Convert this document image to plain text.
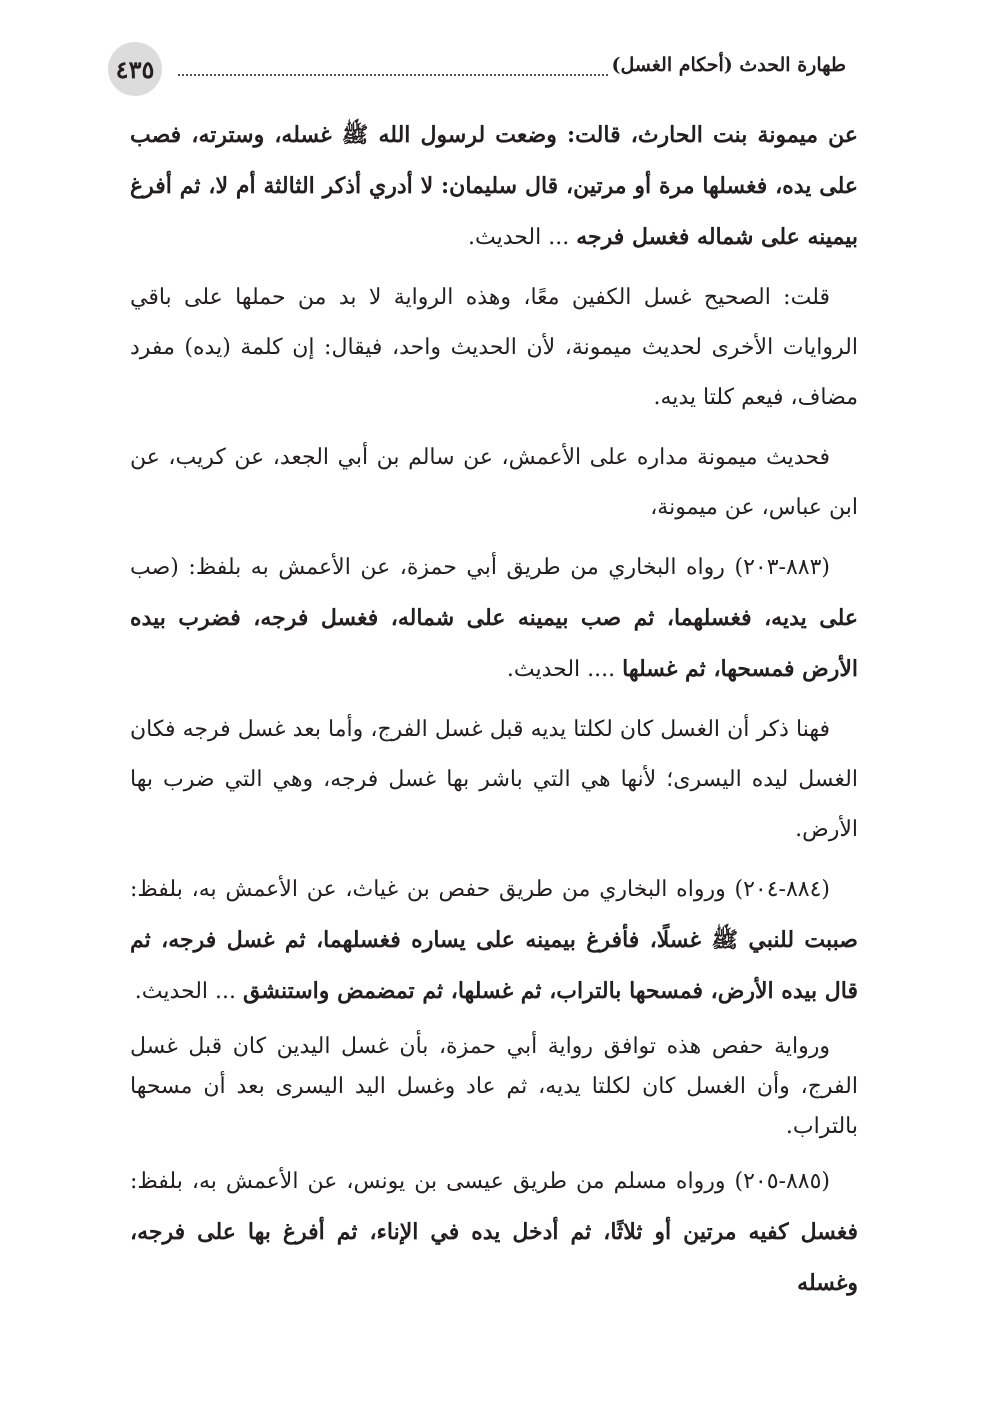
٤٣٥	طهارة الحدث (أحكام الغسل)

عن ميمونة بنت الحارث، قالت: وضعت لرسول الله ﷺ غسله، وسترته، فصب على يده، فغسلها مرة أو مرتين، قال سليمان: لا أدري أذكر الثالثة أم لا، ثم أفرغ بيمينه على شماله فغسل فرجه ... الحديث.

قلت: الصحيح غسل الكفين معًا، وهذه الرواية لا بد من حملها على باقي الروايات الأخرى لحديث ميمونة، لأن الحديث واحد، فيقال: إن كلمة (يده) مفرد مضاف، فيعم كلتا يديه.

فحديث ميمونة مداره على الأعمش، عن سالم بن أبي الجعد، عن كريب، عن ابن عباس، عن ميمونة،

(٨٨٣-٢٠٣) رواه البخاري من طريق أبي حمزة، عن الأعمش به بلفظ: (صب على يديه، فغسلهما، ثم صب بيمينه على شماله، فغسل فرجه، فضرب بيده الأرض فمسحها، ثم غسلها .... الحديث.

فهنا ذكر أن الغسل كان لكلتا يديه قبل غسل الفرج، وأما بعد غسل فرجه فكان الغسل ليده اليسرى؛ لأنها هي التي باشر بها غسل فرجه، وهي التي ضرب بها الأرض.

(٨٨٤-٢٠٤) ورواه البخاري من طريق حفص بن غياث، عن الأعمش به، بلفظ: صببت للنبي ﷺ غسلًا، فأفرغ بيمينه على يساره فغسلهما، ثم غسل فرجه، ثم قال بيده الأرض، فمسحها بالتراب، ثم غسلها، ثم تمضمض واستنشق ... الحديث.

ورواية حفص هذه توافق رواية أبي حمزة، بأن غسل اليدين كان قبل غسل الفرج، وأن الغسل كان لكلتا يديه، ثم عاد وغسل اليد اليسرى بعد أن مسحها بالتراب.

(٨٨٥-٢٠٥) ورواه مسلم من طريق عيسى بن يونس، عن الأعمش به، بلفظ: فغسل كفيه مرتين أو ثلاثًا، ثم أدخل يده في الإناء، ثم أفرغ بها على فرجه، وغسله
